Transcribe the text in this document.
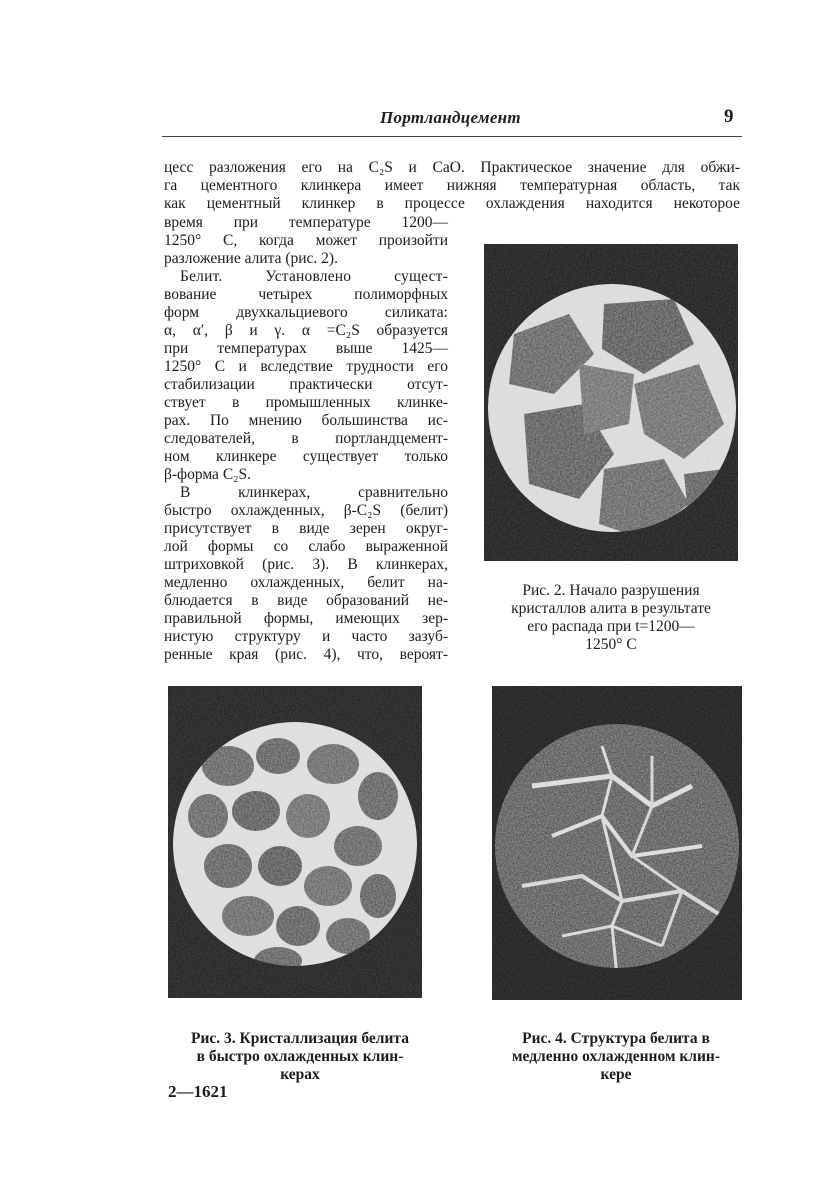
Портландцемент	9
цесс разложения его на C₂S и CaO. Практическое значение для обжи-
га цементного клинкера имеет нижняя температурная область, так
как цементный клинкер в процессе охлаждения находится некоторое
время при температуре 1200—
1250° С, когда может произойти
разложение алита (рис. 2).
Белит. Установлено сущест-
вование четырех полиморфных
форм двухкальциевого силиката:
α, α′, β и γ. α =C₂S образуется
при температурах выше 1425—
1250° С и вследствие трудности его
стабилизации практически отсут-
ствует в промышленных клинке-
рах. По мнению большинства ис-
следователей, в портландцемент-
ном клинкере существует только
β-форма C₂S.
В клинкерах, сравнительно
быстро охлажденных, β-C₂S (белит)
присутствует в виде зерен округ-
лой формы со слабо выраженной
штриховкой (рис. 3). В клинкерах,
медленно охлажденных, белит на-
блюдается в виде образований не-
правильной формы, имеющих зер-
нистую структуру и часто зазуб-
ренные края (рис. 4), что, вероят-
Рис. 2. Начало разрушения
кристаллов алита в результате
его распада при t=1200—
1250° С
Рис. 3. Кристаллизация белита
в быстро охлажденных клин-
керах
Рис. 4. Структура белита в
медленно охлажденном клин-
кере
2—1621
